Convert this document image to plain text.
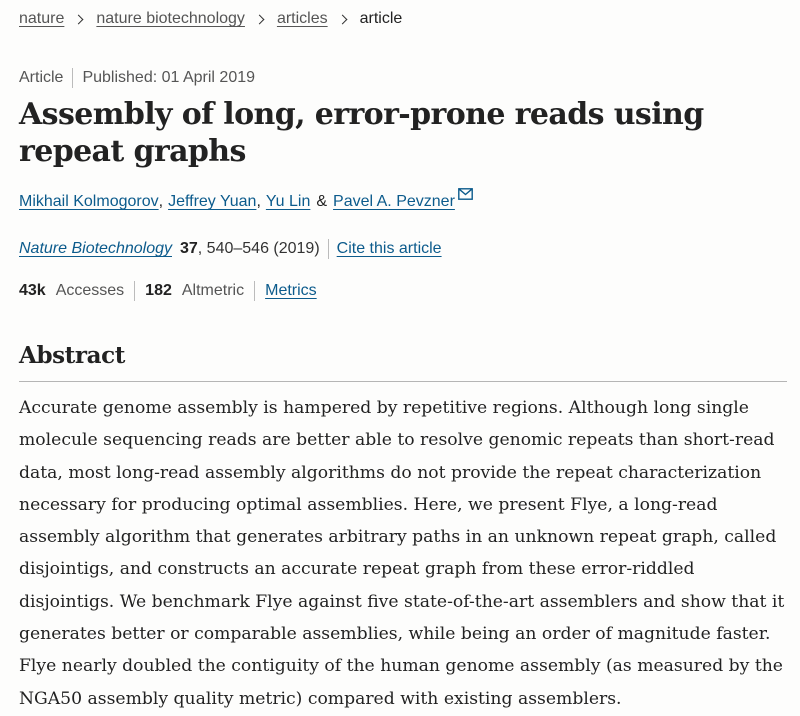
nature nature biotechnology articles article
Article Published: 01 April 2019
Assembly of long, error-prone reads using repeat graphs
Mikhail Kolmogorov , Jeffrey Yuan , Yu Lin & Pavel A. Pevzner
Nature Biotechnology 37 , 540–546 (2019) Cite this article
43k Accesses 182 Altmetric Metrics
Abstract

Accurate genome assembly is hampered by repetitive regions. Although long single molecule sequencing reads are better able to resolve genomic repeats than short-read data, most long-read assembly algorithms do not provide the repeat characterization necessary for producing optimal assemblies. Here, we present Flye, a long-read assembly algorithm that generates arbitrary paths in an unknown repeat graph, called disjointigs, and constructs an accurate repeat graph from these error-riddled disjointigs. We benchmark Flye against five state-of-the-art assemblers and show that it generates better or comparable assemblies, while being an order of magnitude faster. Flye nearly doubled the contiguity of the human genome assembly (as measured by the NGA50 assembly quality metric) compared with existing assemblers.
